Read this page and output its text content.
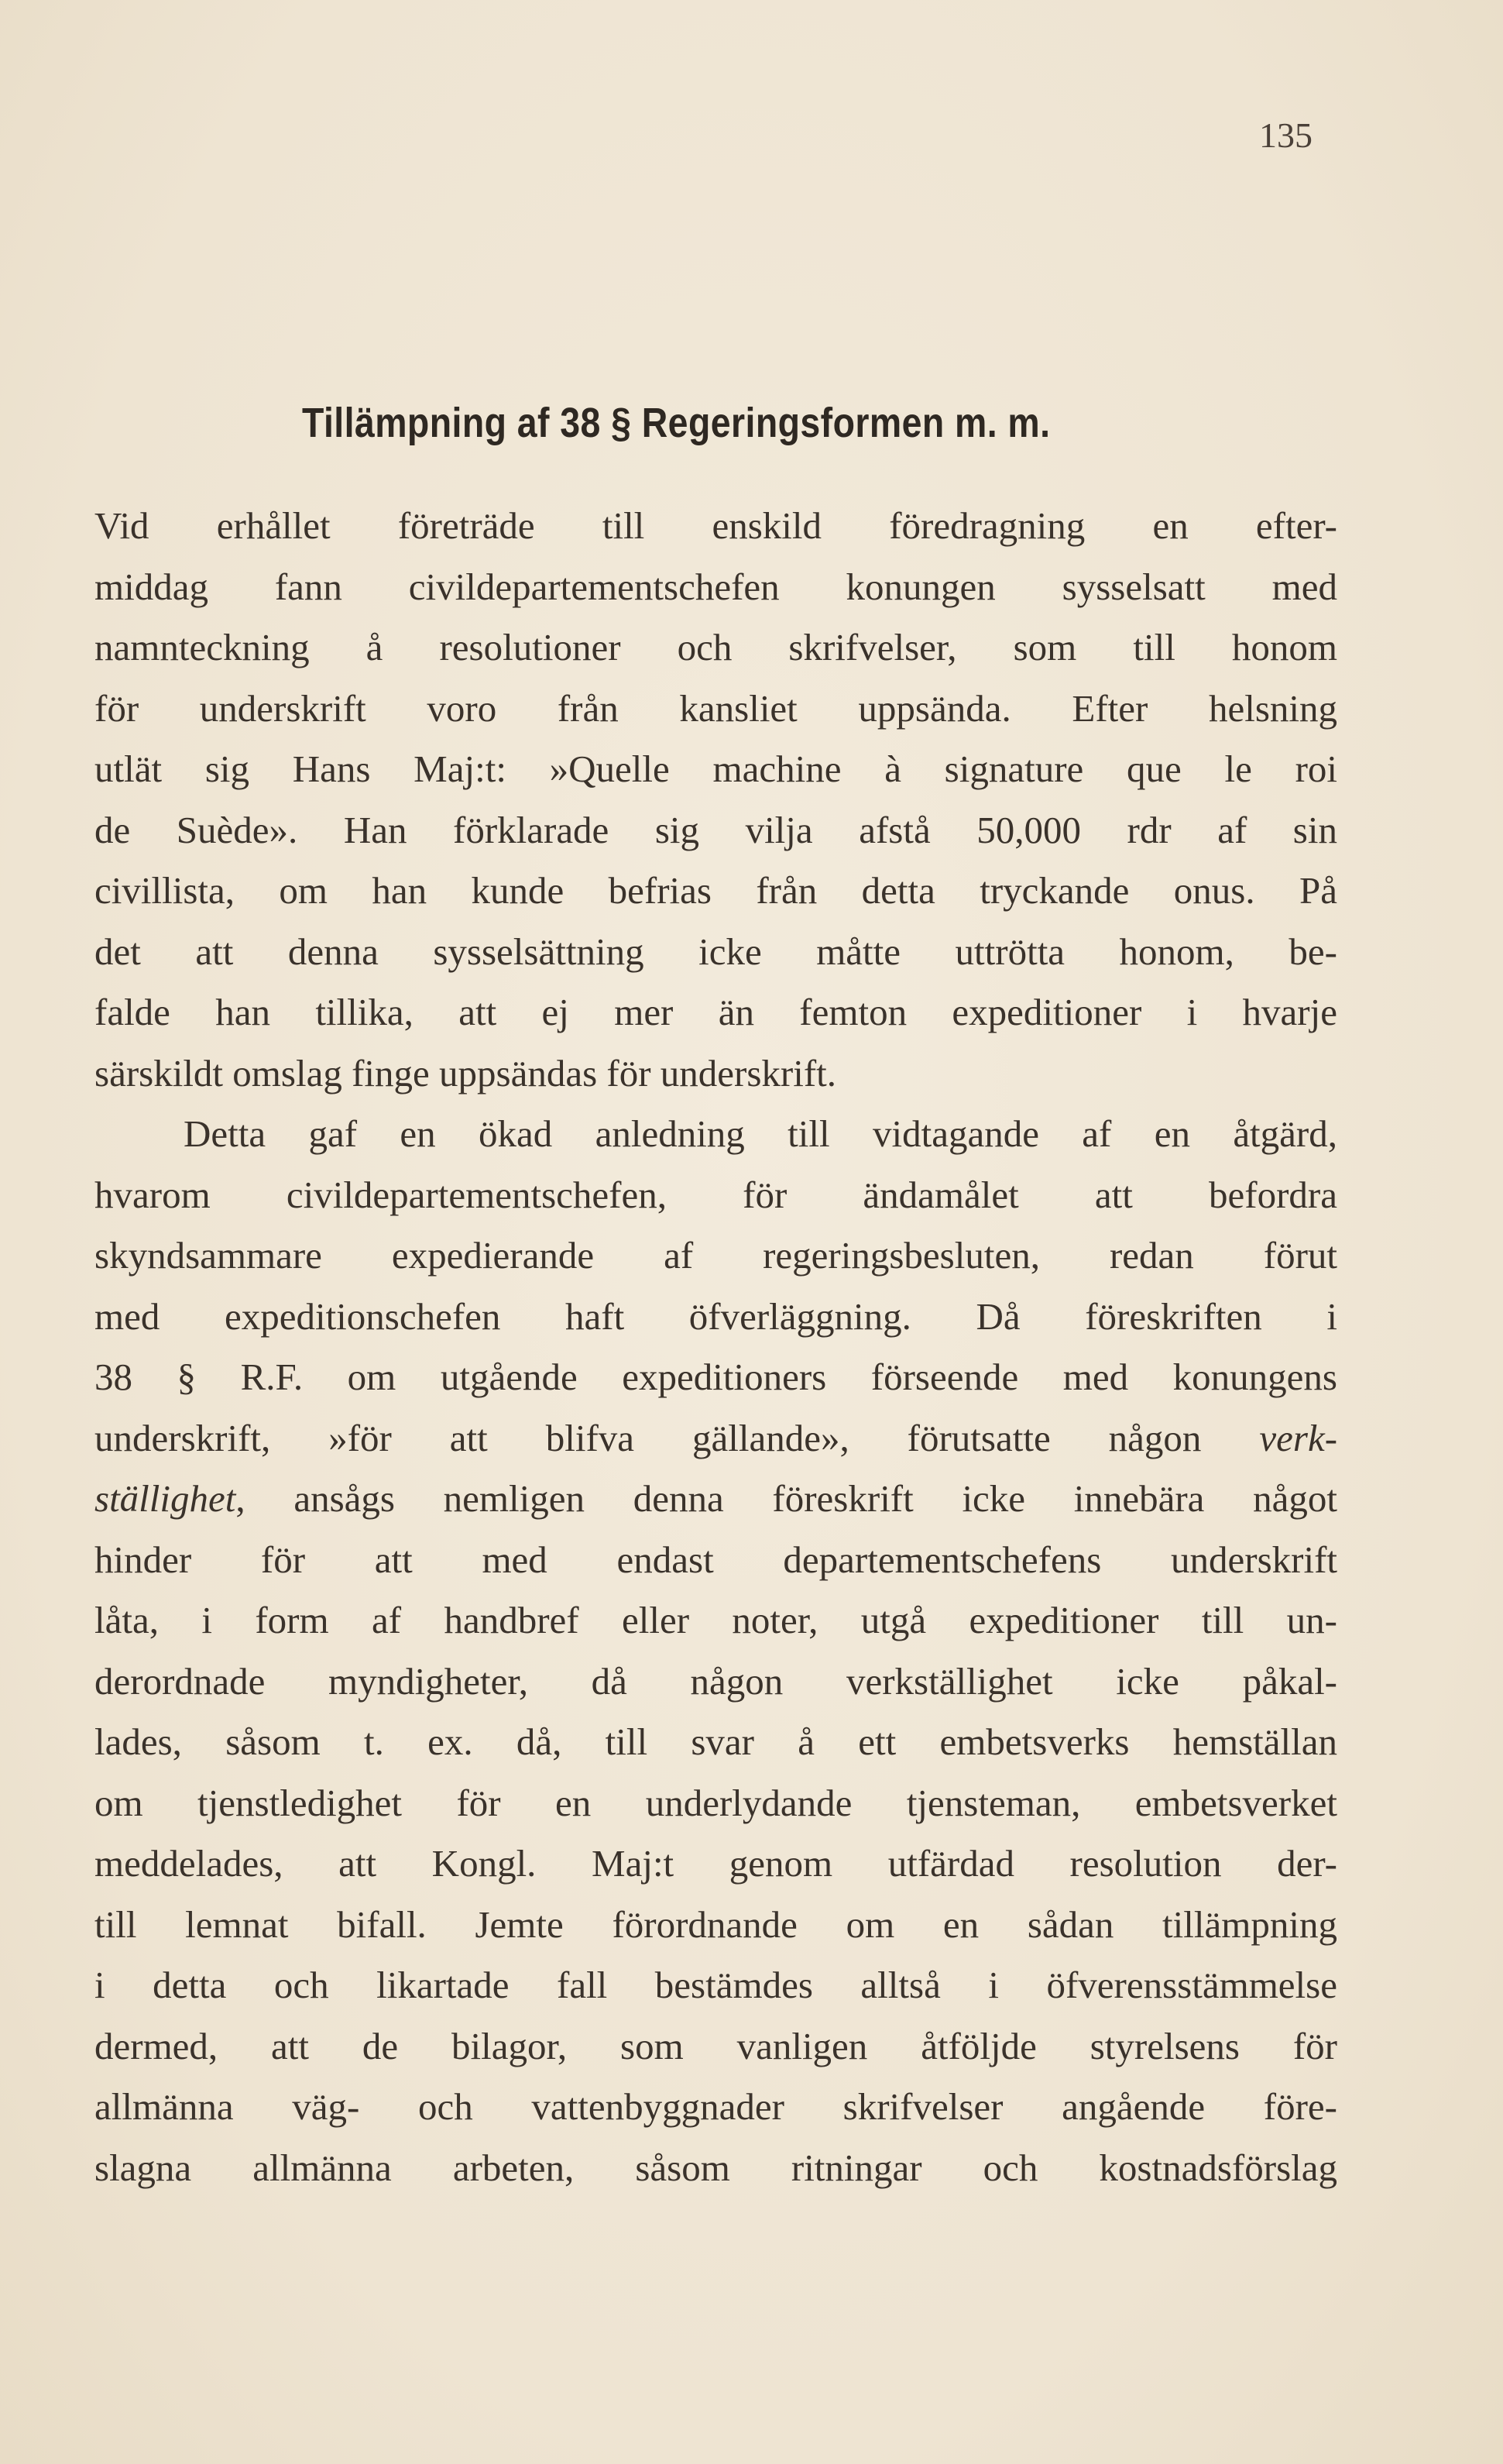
135
Tillämpning af 38 § Regeringsformen m. m.
Vid erhållet företräde till enskild föredragning en efter-
middag fann civildepartementschefen konungen sysselsatt med
namnteckning å resolutioner och skrifvelser, som till honom
för underskrift voro från kansliet uppsända. Efter helsning
utlät sig Hans Maj:t: »Quelle machine à signature que le roi
de Suède». Han förklarade sig vilja afstå 50,000 rdr af sin
civillista, om han kunde befrias från detta tryckande onus. På
det att denna sysselsättning icke måtte uttrötta honom, be-
falde han tillika, att ej mer än femton expeditioner i hvarje
särskildt omslag finge uppsändas för underskrift.
Detta gaf en ökad anledning till vidtagande af en åtgärd,
hvarom civildepartementschefen, för ändamålet att befordra
skyndsammare expedierande af regeringsbesluten, redan förut
med expeditionschefen haft öfverläggning. Då föreskriften i
38 § R.F. om utgående expeditioners förseende med konungens
underskrift, »för att blifva gällande», förutsatte någon verk-
ställighet, ansågs nemligen denna föreskrift icke innebära något
hinder för att med endast departementschefens underskrift
låta, i form af handbref eller noter, utgå expeditioner till un-
derordnade myndigheter, då någon verkställighet icke påkal-
lades, såsom t. ex. då, till svar å ett embetsverks hemställan
om tjenstledighet för en underlydande tjensteman, embetsverket
meddelades, att Kongl. Maj:t genom utfärdad resolution der-
till lemnat bifall. Jemte förordnande om en sådan tillämpning
i detta och likartade fall bestämdes alltså i öfverensstämmelse
dermed, att de bilagor, som vanligen åtföljde styrelsens för
allmänna väg- och vattenbyggnader skrifvelser angående före-
slagna allmänna arbeten, såsom ritningar och kostnadsförslag
